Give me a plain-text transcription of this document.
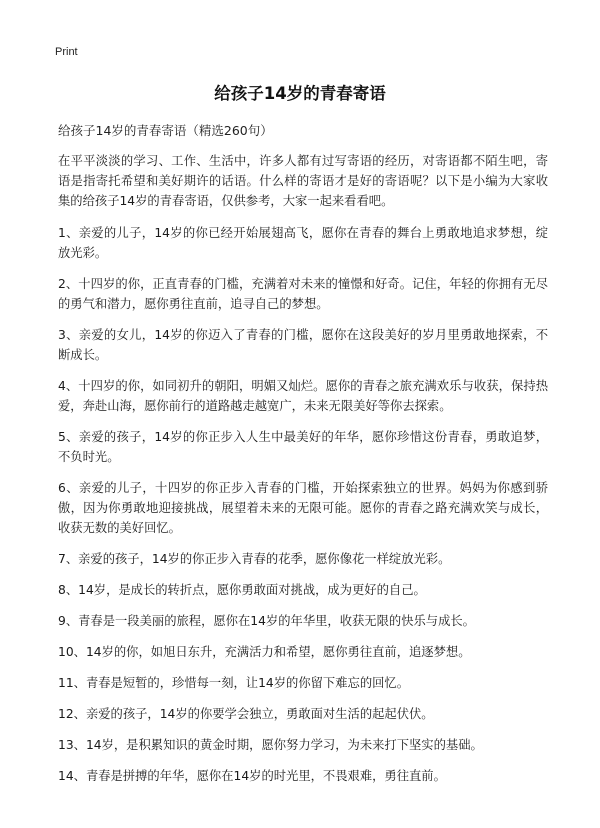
Print
给孩子14岁的青春寄语
给孩子14岁的青春寄语（精选260句）

在平平淡淡的学习、工作、生活中，许多人都有过写寄语的经历，对寄语都不陌生吧，寄语是指寄托希望和美好期许的话语。什么样的寄语才是好的寄语呢？以下是小编为大家收集的给孩子14岁的青春寄语，仅供参考，大家一起来看看吧。

1、亲爱的儿子，14岁的你已经开始展翅高飞，愿你在青春的舞台上勇敢地追求梦想，绽放光彩。

2、十四岁的你，正直青春的门槛，充满着对未来的憧憬和好奇。记住，年轻的你拥有无尽的勇气和潜力，愿你勇往直前，追寻自己的梦想。

3、亲爱的女儿，14岁的你迈入了青春的门槛，愿你在这段美好的岁月里勇敢地探索，不断成长。

4、十四岁的你，如同初升的朝阳，明媚又灿烂。愿你的青春之旅充满欢乐与收获，保持热爱，奔赴山海，愿你前行的道路越走越宽广，未来无限美好等你去探索。

5、亲爱的孩子，14岁的你正步入人生中最美好的年华，愿你珍惜这份青春，勇敢追梦，不负时光。

6、亲爱的儿子，十四岁的你正步入青春的门槛，开始探索独立的世界。妈妈为你感到骄傲，因为你勇敢地迎接挑战，展望着未来的无限可能。愿你的青春之路充满欢笑与成长，收获无数的美好回忆。

7、亲爱的孩子，14岁的你正步入青春的花季，愿你像花一样绽放光彩。

8、14岁，是成长的转折点，愿你勇敢面对挑战，成为更好的自己。

9、青春是一段美丽的旅程，愿你在14岁的年华里，收获无限的快乐与成长。

10、14岁的你，如旭日东升，充满活力和希望，愿你勇往直前，追逐梦想。

11、青春是短暂的，珍惜每一刻，让14岁的你留下难忘的回忆。

12、亲爱的孩子，14岁的你要学会独立，勇敢面对生活的起起伏伏。

13、14岁，是积累知识的黄金时期，愿你努力学习，为未来打下坚实的基础。

14、青春是拼搏的年华，愿你在14岁的时光里，不畏艰难，勇往直前。
